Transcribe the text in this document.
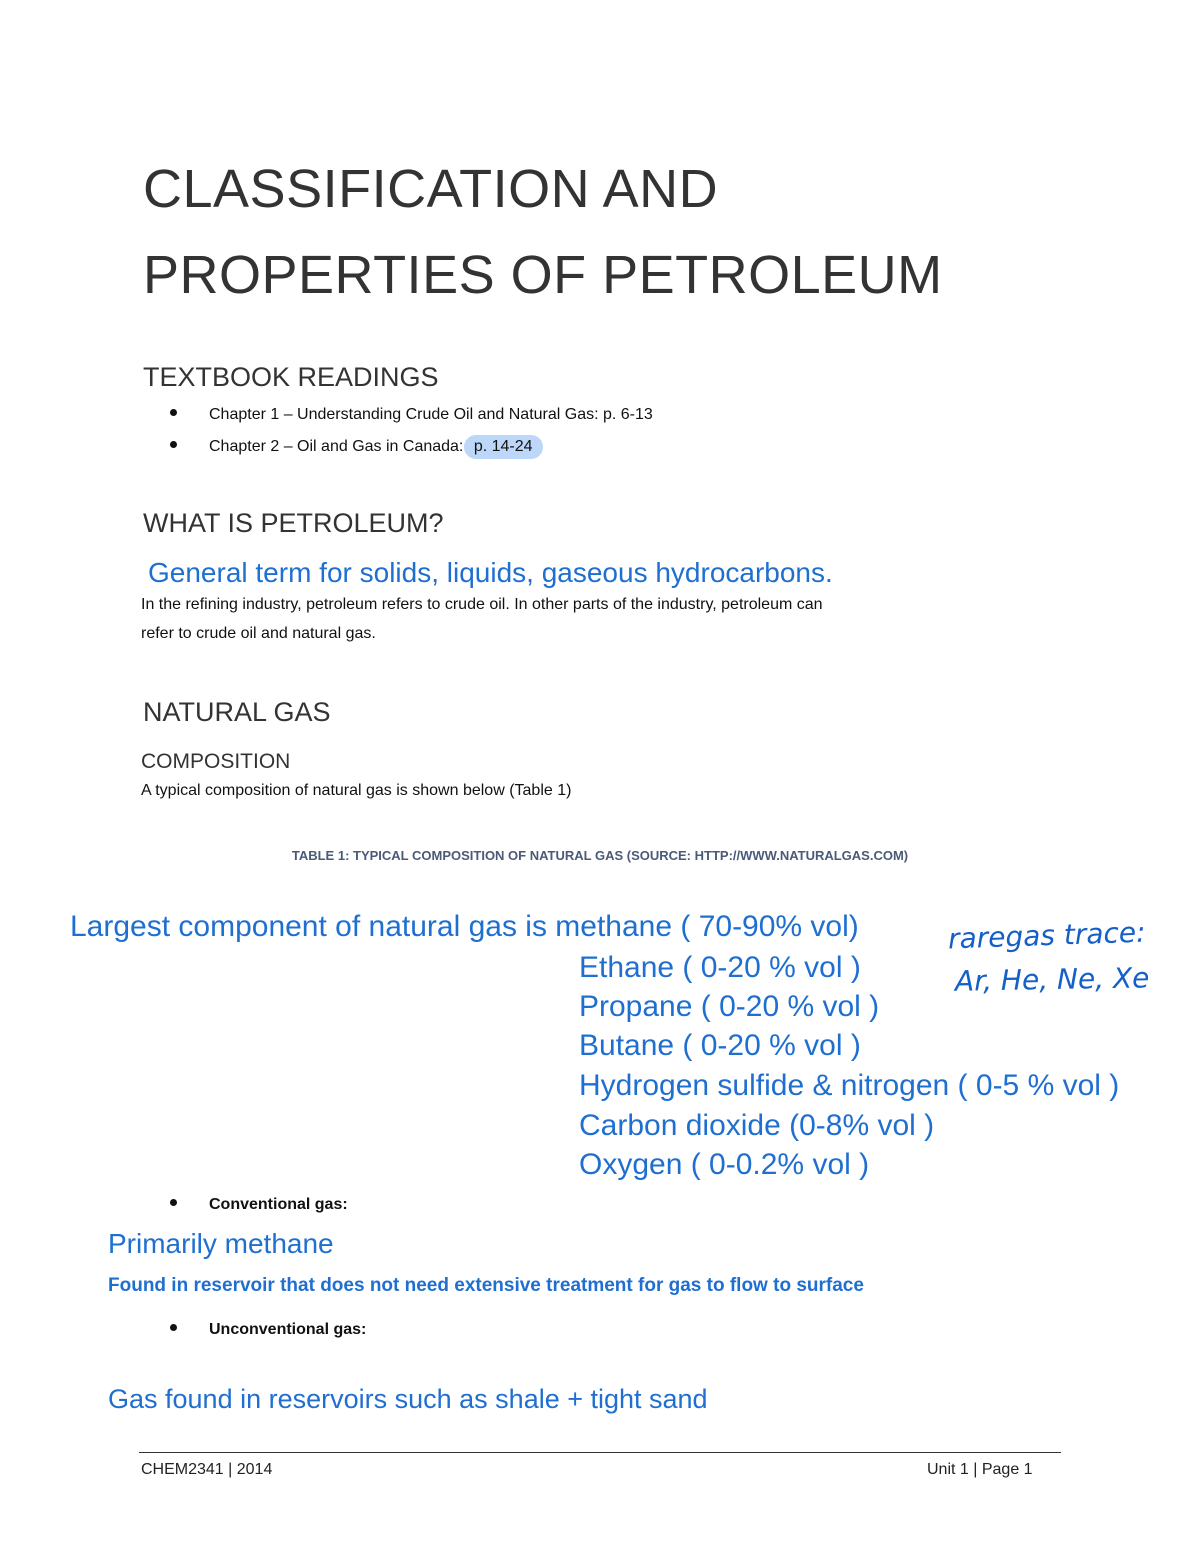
CLASSIFICATION AND
PROPERTIES OF PETROLEUM
TEXTBOOK READINGS
Chapter 1 – Understanding Crude Oil and Natural Gas: p. 6-13
Chapter 2 – Oil and Gas in Canada: p. 14-24
WHAT IS PETROLEUM?
General term for solids, liquids, gaseous hydrocarbons.
In the refining industry, petroleum refers to crude oil. In other parts of the industry, petroleum can
refer to crude oil and natural gas.
NATURAL GAS
COMPOSITION
A typical composition of natural gas is shown below (Table 1)
TABLE 1: TYPICAL COMPOSITION OF NATURAL GAS (SOURCE: HTTP://WWW.NATURALGAS.COM)
Largest component of natural gas is methane ( 70-90% vol)
Ethane ( 0-20 % vol )
Propane ( 0-20 % vol )
Butane ( 0-20 % vol )
Hydrogen sulfide & nitrogen ( 0-5 % vol )
Carbon dioxide (0-8% vol )
Oxygen ( 0-0.2% vol )
raregas trace:
Ar, He, Ne, Xe
Conventional gas:
Primarily methane
Found in reservoir that does not need extensive treatment for gas to flow to surface
Unconventional gas:
Gas found in reservoirs such as shale + tight sand
CHEM2341 | 2014	Unit 1 | Page 1
